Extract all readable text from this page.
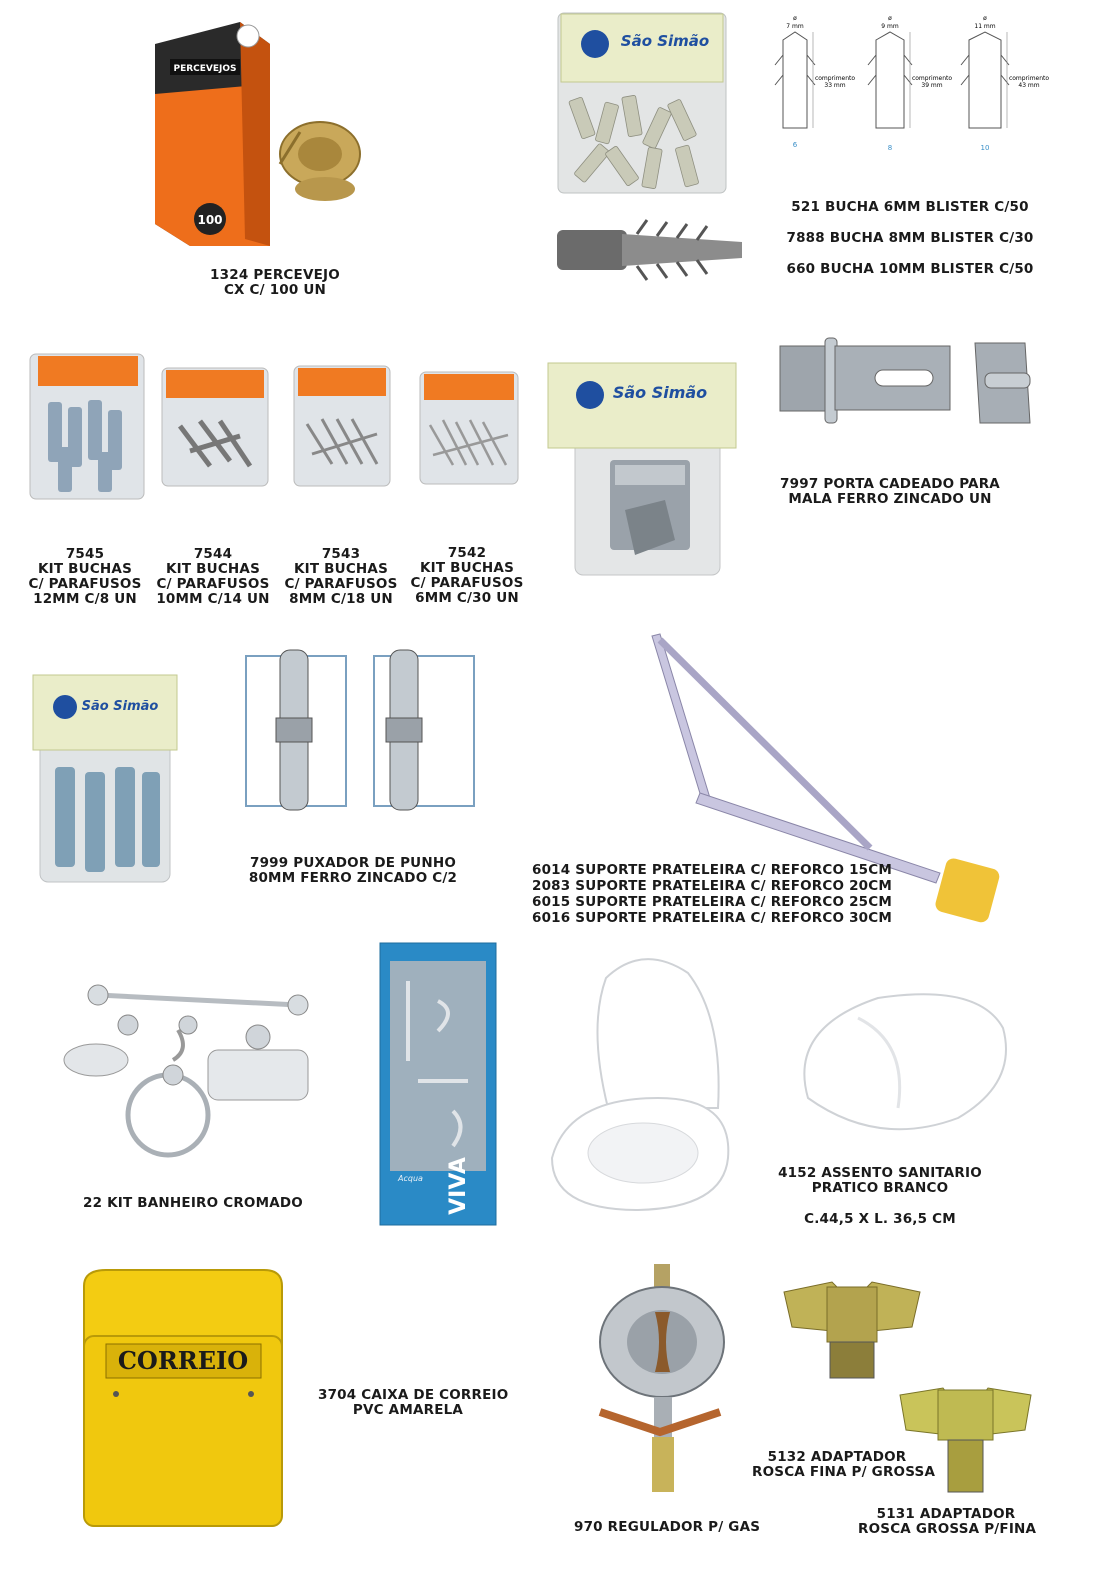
PERCEVEJOS
100
1324 PERCEVEJO
CX C/ 100 UN
São Simão
ø
7 mm
comprimento
33 mm
6
ø
9 mm
comprimento
39 mm
8
ø
11 mm
comprimento
43 mm
10
521 BUCHA 6MM BLISTER C/50
7888 BUCHA 8MM BLISTER C/30
660 BUCHA 10MM BLISTER C/50
7545
KIT BUCHAS
C/ PARAFUSOS
12MM C/8 UN
7544
KIT BUCHAS
C/ PARAFUSOS
10MM C/14 UN
7543
KIT BUCHAS
C/ PARAFUSOS
8MM C/18 UN
7542
KIT BUCHAS
C/ PARAFUSOS
6MM C/30 UN
São Simão
7997 PORTA CADEADO PARA
MALA FERRO ZINCADO UN
São Simão
7999 PUXADOR DE PUNHO
80MM FERRO ZINCADO C/2	6014 SUPORTE PRATELEIRA C/ REFORCO 15CM
2083 SUPORTE PRATELEIRA C/ REFORCO 20CM
6015 SUPORTE PRATELEIRA C/ REFORCO 25CM
6016 SUPORTE PRATELEIRA C/ REFORCO 30CM
22 KIT BANHEIRO CROMADO	VIVA
Acqua	4152 ASSENTO SANITARIO
PRATICO BRANCO
C.44,5 X L. 36,5 CM
CORREIO
3704 CAIXA DE CORREIO
PVC AMARELA
970 REGULADOR P/ GAS
5132 ADAPTADOR
ROSCA FINA P/ GROSSA
5131 ADAPTADOR
ROSCA GROSSA P/FINA
